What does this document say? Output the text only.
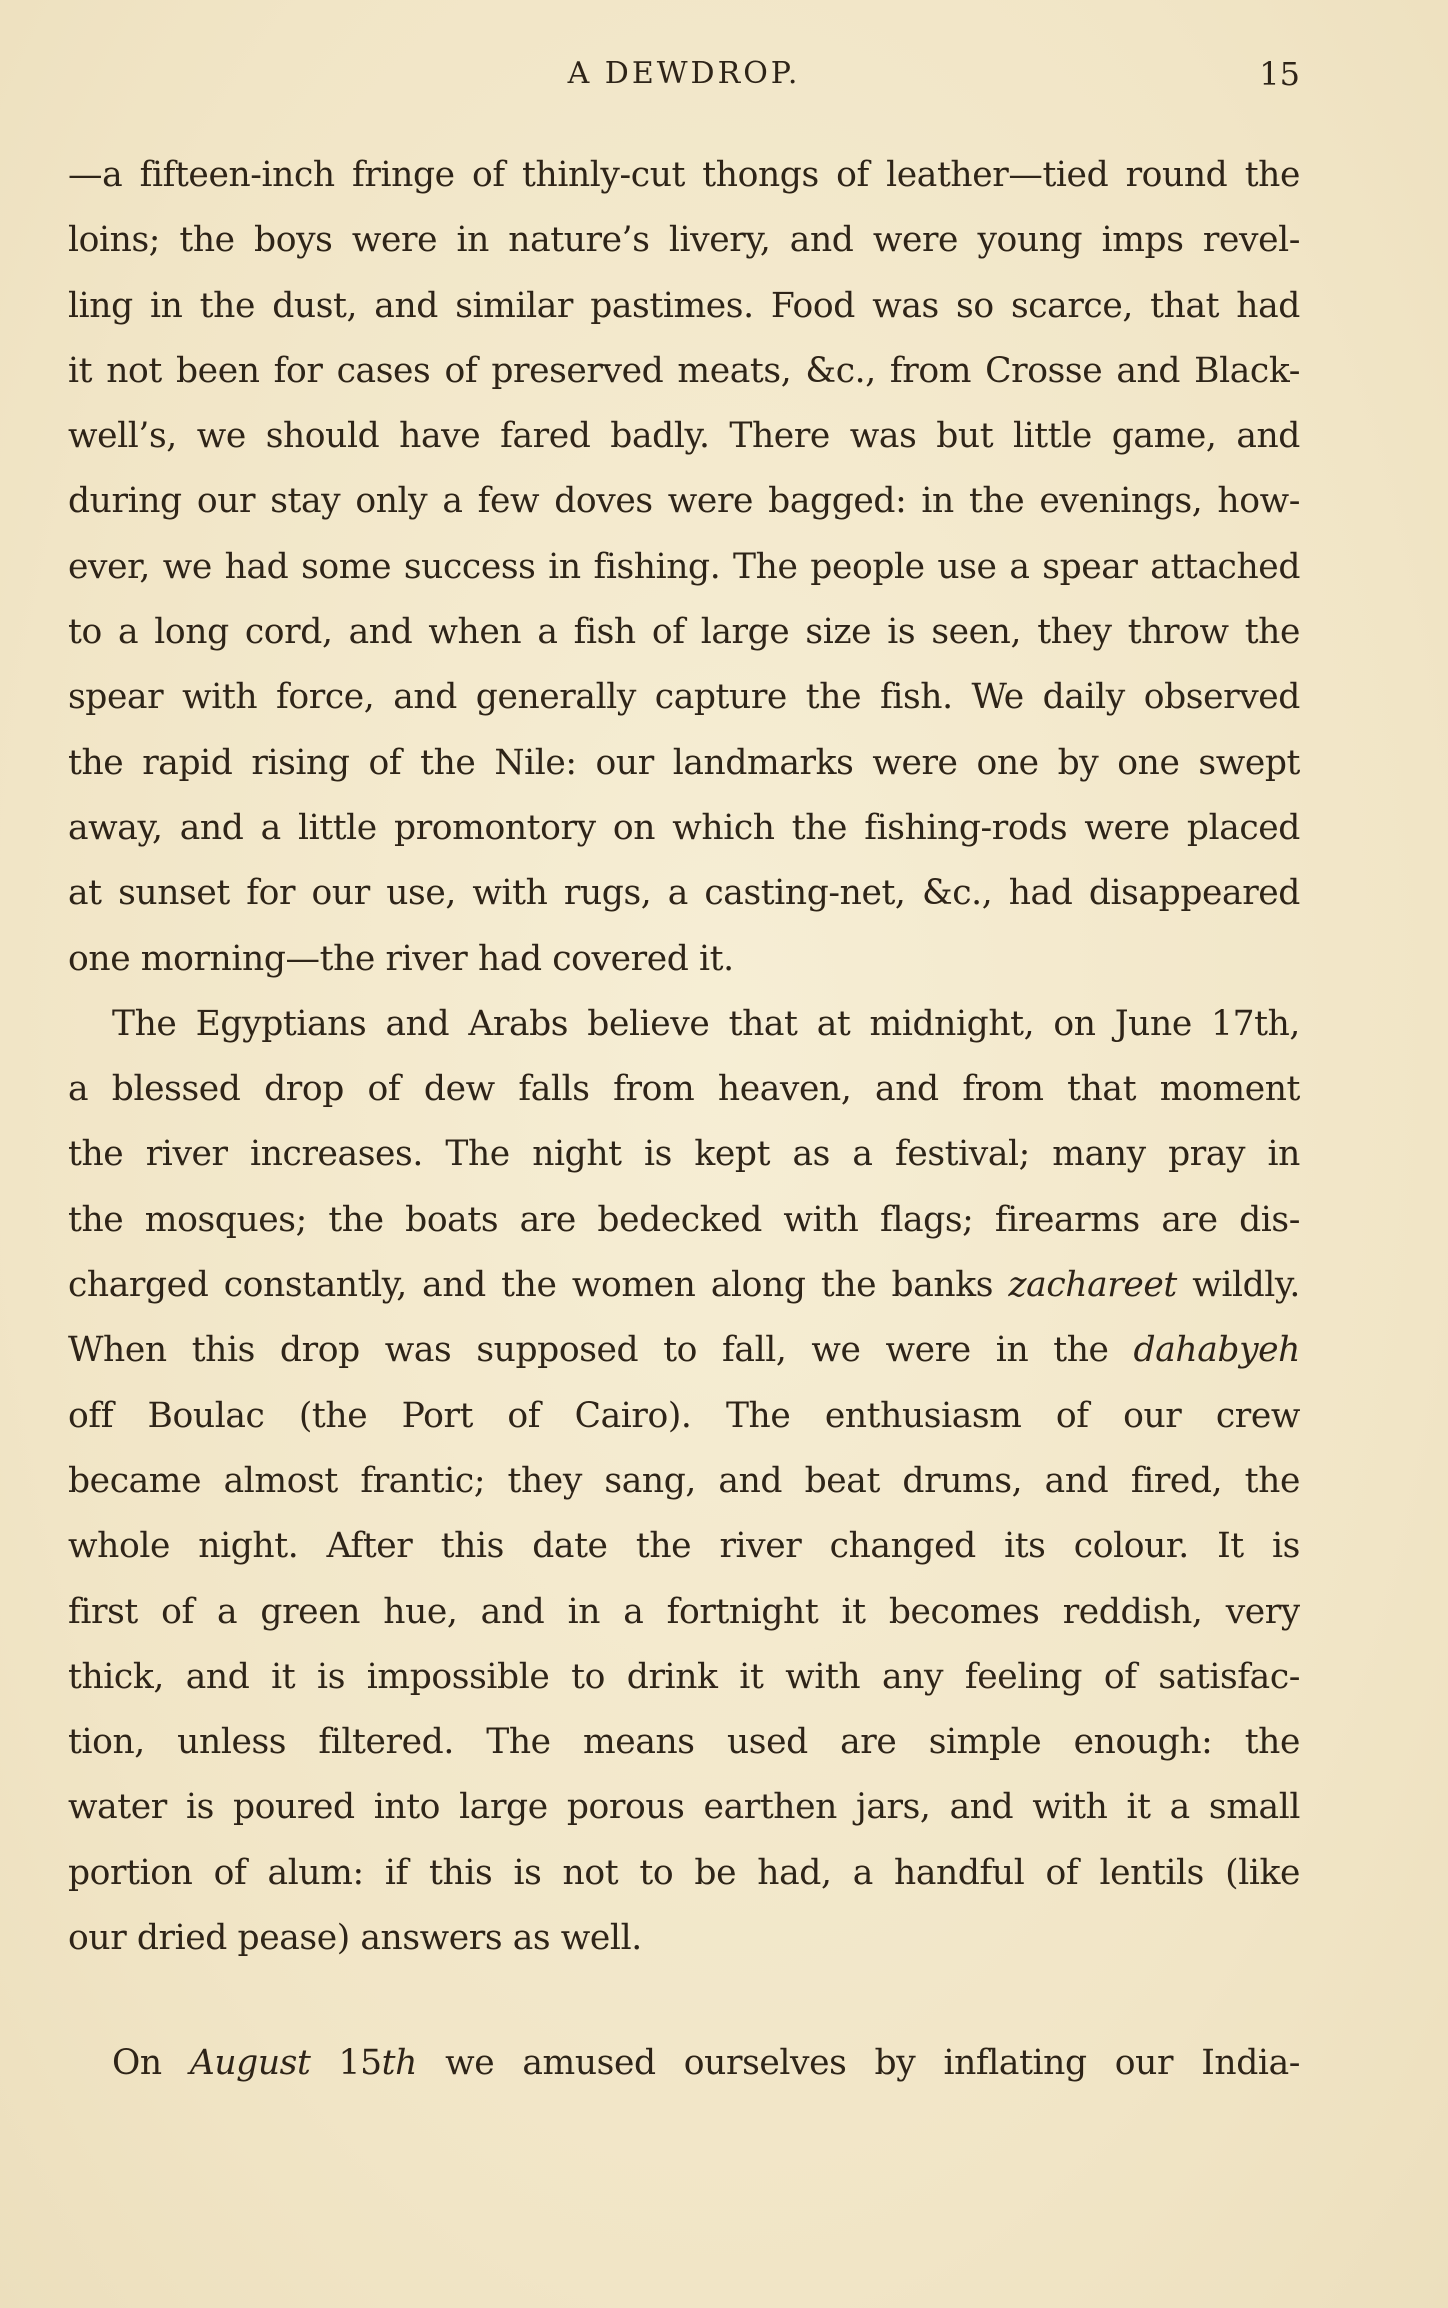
A DEWDROP.	15
—a fifteen-inch fringe of thinly-cut thongs of leather—tied round the
loins; the boys were in nature’s livery, and were young imps revel-
ling in the dust, and similar pastimes. Food was so scarce, that had
it not been for cases of preserved meats, &c., from Crosse and Black-
well’s, we should have fared badly. There was but little game, and
during our stay only a few doves were bagged: in the evenings, how-
ever, we had some success in fishing. The people use a spear attached
to a long cord, and when a fish of large size is seen, they throw the
spear with force, and generally capture the fish. We daily observed
the rapid rising of the Nile: our landmarks were one by one swept
away, and a little promontory on which the fishing-rods were placed
at sunset for our use, with rugs, a casting-net, &c., had disappeared
one morning—the river had covered it.
The Egyptians and Arabs believe that at midnight, on June 17th,
a blessed drop of dew falls from heaven, and from that moment
the river increases. The night is kept as a festival; many pray in
the mosques; the boats are bedecked with flags; firearms are dis-
charged constantly, and the women along the banks zachareet wildly.
When this drop was supposed to fall, we were in the dahabyeh
off Boulac (the Port of Cairo). The enthusiasm of our crew
became almost frantic; they sang, and beat drums, and fired, the
whole night. After this date the river changed its colour. It is
first of a green hue, and in a fortnight it becomes reddish, very
thick, and it is impossible to drink it with any feeling of satisfac-
tion, unless filtered. The means used are simple enough: the
water is poured into large porous earthen jars, and with it a small
portion of alum: if this is not to be had, a handful of lentils (like
our dried pease) answers as well.
On August 15th we amused ourselves by inflating our India-
